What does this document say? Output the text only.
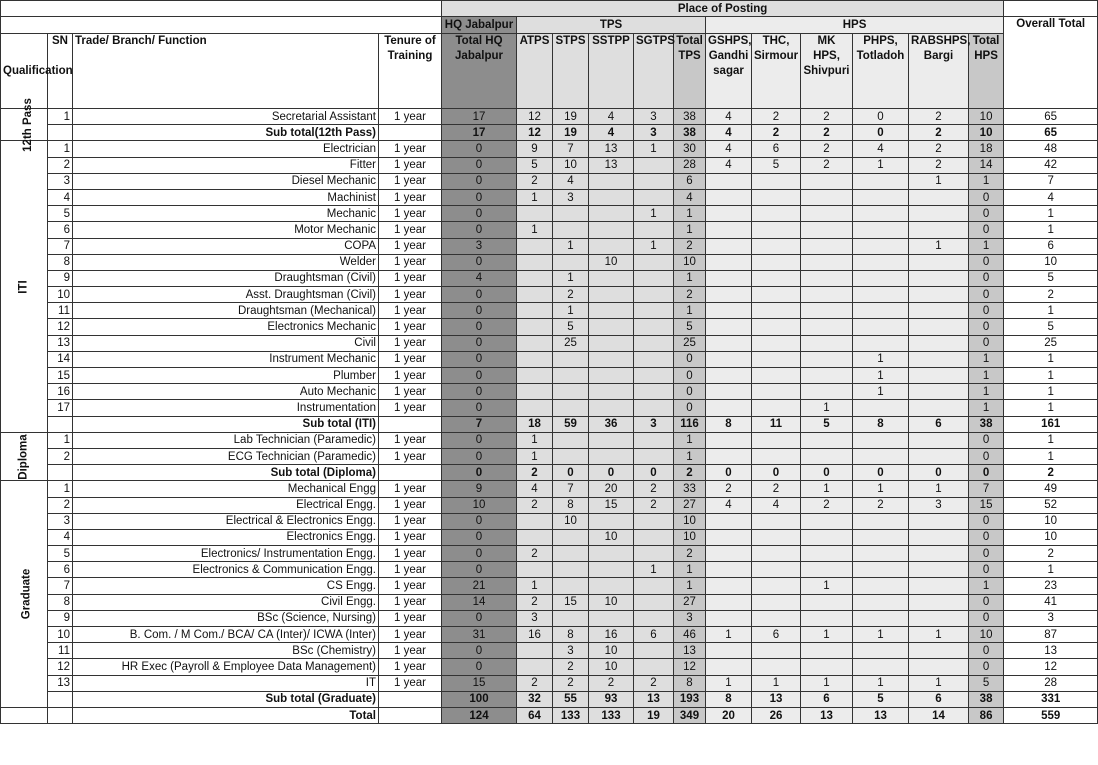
				Place of Posting												
				HQ Jabalpur	TPS					HPS						Overall Total
Qualification	SN	Trade/ Branch/ Function	Tenure of Training	Total HQ Jabalpur	ATPS	STPS	SSTPP	SGTPS	Total TPS	GSHPS, Gandhi sagar	THC, Sirmour	MK HPS, Shivpuri	PHPS, Totladoh	RABSHPS, Bargi	Total HPS	
12th Pass	1	Secretarial Assistant	1 year	17	12	19	4	3	38	4	2	2	0	2	10	65
		Sub total(12th Pass)		17	12	19	4	3	38	4	2	2	0	2	10	65
ITI	1	Electrician	1 year	0	9	7	13	1	30	4	6	2	4	2	18	48
	2	Fitter	1 year	0	5	10	13		28	4	5	2	1	2	14	42
	3	Diesel Mechanic	1 year	0	2	4			6					1	1	7
	4	Machinist	1 year	0	1	3			4						0	4
	5	Mechanic	1 year	0				1	1						0	1
	6	Motor Mechanic	1 year	0	1				1						0	1
	7	COPA	1 year	3		1		1	2					1	1	6
	8	Welder	1 year	0			10		10						0	10
	9	Draughtsman (Civil)	1 year	4		1			1						0	5
	10	Asst. Draughtsman (Civil)	1 year	0		2			2						0	2
	11	Draughtsman (Mechanical)	1 year	0		1			1						0	1
	12	Electronics Mechanic	1 year	0		5			5						0	5
	13	Civil	1 year	0		25			25						0	25
	14	Instrument Mechanic	1 year	0					0				1		1	1
	15	Plumber	1 year	0					0				1		1	1
	16	Auto Mechanic	1 year	0					0				1		1	1
	17	Instrumentation	1 year	0					0			1			1	1
		Sub total (ITI)		7	18	59	36	3	116	8	11	5	8	6	38	161
Diploma	1	Lab Technician (Paramedic)	1 year	0	1				1						0	1
	2	ECG Technician (Paramedic)	1 year	0	1				1						0	1
		Sub total (Diploma)		0	2	0	0	0	2	0	0	0	0	0	0	2
Graduate	1	Mechanical Engg	1 year	9	4	7	20	2	33	2	2	1	1	1	7	49
	2	Electrical Engg.	1 year	10	2	8	15	2	27	4	4	2	2	3	15	52
	3	Electrical & Electronics Engg.	1 year	0		10			10						0	10
	4	Electronics Engg.	1 year	0			10		10						0	10
	5	Electronics/ Instrumentation Engg.	1 year	0	2				2						0	2
	6	Electronics & Communication Engg.	1 year	0				1	1						0	1
	7	CS Engg.	1 year	21	1				1			1			1	23
	8	Civil Engg.	1 year	14	2	15	10		27						0	41
	9	BSc (Science, Nursing)	1 year	0	3				3						0	3
	10	B. Com. / M Com./ BCA/ CA (Inter)/ ICWA (Inter)	1 year	31	16	8	16	6	46	1	6	1	1	1	10	87
	11	BSc (Chemistry)	1 year	0		3	10		13						0	13
	12	HR Exec (Payroll & Employee Data Management)	1 year	0		2	10		12						0	12
	13	IT	1 year	15	2	2	2	2	8	1	1	1	1	1	5	28
		Sub total (Graduate)		100	32	55	93	13	193	8	13	6	5	6	38	331
		Total		124	64	133	133	19	349	20	26	13	13	14	86	559
